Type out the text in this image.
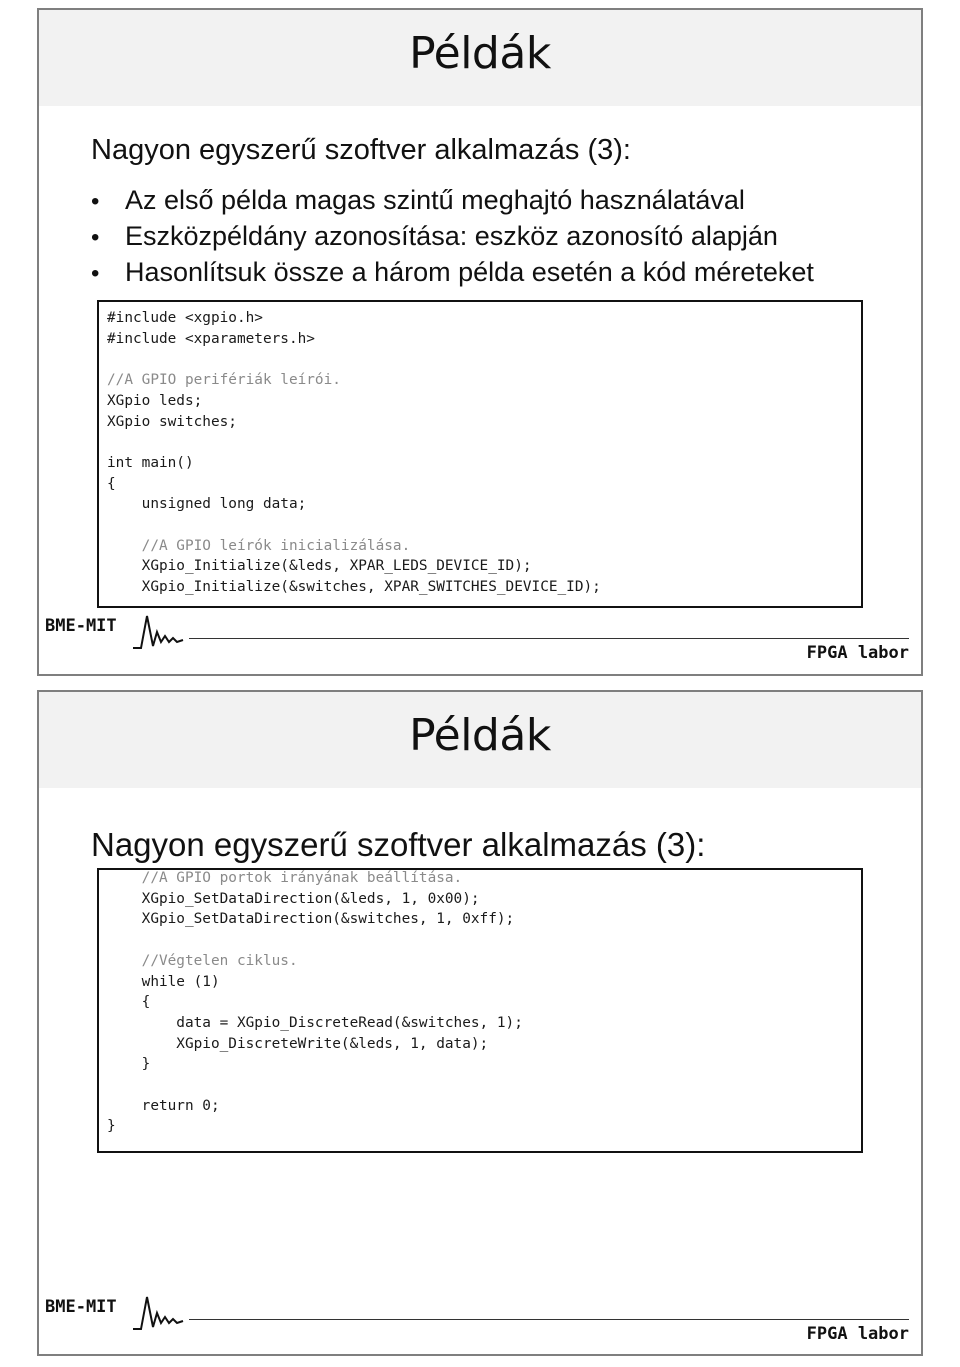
Példák
Nagyon egyszerű szoftver alkalmazás (3):
• Az első példa magas szintű meghajtó használatával
• Eszközpéldány azonosítása: eszköz azonosító alapján
• Hasonlítsuk össze a három példa esetén a kód méreteket
#include <xgpio.h>
#include <xparameters.h>

//A GPIO perifériák leírói.
XGpio leds;
XGpio switches;

int main()
{
unsigned long data;

//A GPIO leírók inicializálása.
XGpio_Initialize(&leds, XPAR_LEDS_DEVICE_ID);
XGpio_Initialize(&switches, XPAR_SWITCHES_DEVICE_ID);
BME-MIT
FPGA labor
Példák
Nagyon egyszerű szoftver alkalmazás (3):
//A GPIO portok irányának beállítása.
XGpio_SetDataDirection(&leds, 1, 0x00);
XGpio_SetDataDirection(&switches, 1, 0xff);

//Végtelen ciklus.
while (1)
{
data = XGpio_DiscreteRead(&switches, 1);
XGpio_DiscreteWrite(&leds, 1, data);
}

return 0;
}
BME-MIT
FPGA labor
